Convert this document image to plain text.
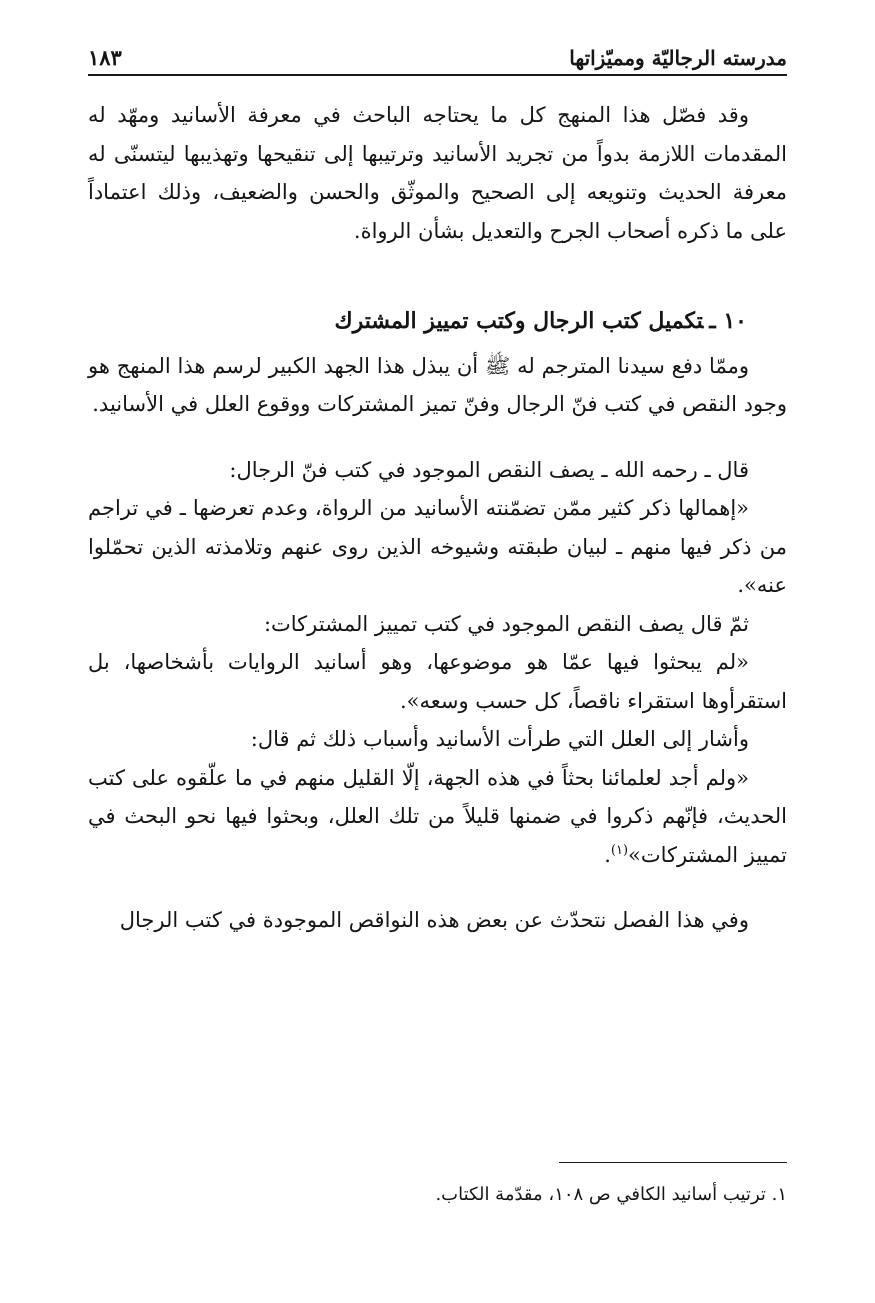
مدرسته الرجاليّة ومميّزاتها
١٨٣

وقد فصّل هذا المنهج كل ما يحتاجه الباحث في معرفة الأسانيد ومهّد له المقدمات اللازمة بدواً من تجريد الأسانيد وترتيبها إلى تنقيحها وتهذيبها ليتسنّى له معرفة الحديث وتنويعه إلى الصحيح والموثّق والحسن والضعيف، وذلك اعتماداً على ما ذكره أصحاب الجرح والتعديل بشأن الرواة.

١٠ ـتكميل كتب الرجال وكتب تمييز المشترك

وممّا دفع سيدنا المترجم له ﷺ أن يبذل هذا الجهد الكبير لرسم هذا المنهج هو وجود النقص في كتب فنّ الرجال وفنّ تميز المشتركات ووقوع العلل في الأسانيد.

قال ـ رحمه الله ـ يصف النقص الموجود في كتب فنّ الرجال:

«إهمالها ذكر كثير ممّن تضمّنته الأسانيد من الرواة، وعدم تعرضها ـ في تراجم من ذكر فيها منهم ـ لبيان طبقته وشيوخه الذين روى عنهم وتلامذته الذين تحمّلوا عنه».

ثمّ قال يصف النقص الموجود في كتب تمييز المشتركات:

«لم يبحثوا فيها عمّا هو موضوعها، وهو أسانيد الروايات بأشخاصها، بل استقرأوها استقراء ناقصاً، كل حسب وسعه».

وأشار إلى العلل التي طرأت الأسانيد وأسباب ذلك ثم قال:

«ولم أجد لعلمائنا بحثاً في هذه الجهة، إلّا القليل منهم في ما علّقوه على كتب الحديث، فإنّهم ذكروا في ضمنها قليلاً من تلك العلل، وبحثوا فيها نحو البحث في تمييز المشتركات»$^{(١)}$.

وفي هذا الفصل نتحدّث عن بعض هذه النواقص الموجودة في كتب الرجال

١. ترتيب أسانيد الكافي ص ١٠٨، مقدّمة الكتاب.
